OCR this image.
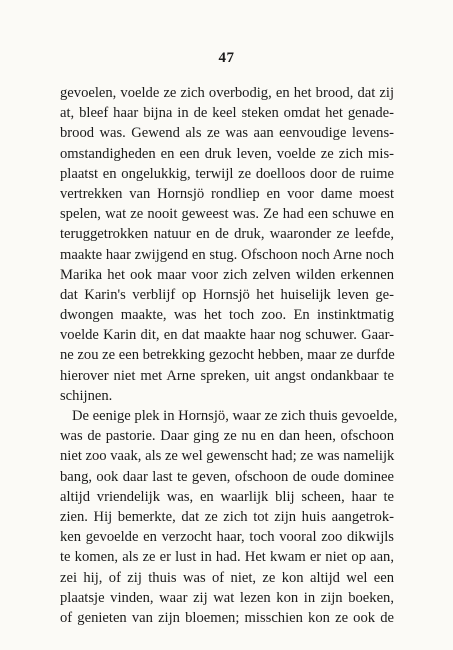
47
gevoelen, voelde ze zich overbodig, en het brood, dat zij
at, bleef haar bijna in de keel steken omdat het genade-
brood was. Gewend als ze was aan eenvoudige levens-
omstandigheden en een druk leven, voelde ze zich mis-
plaatst en ongelukkig, terwijl ze doelloos door de ruime
vertrekken van Hornsjö rondliep en voor dame moest
spelen, wat ze nooit geweest was. Ze had een schuwe en
teruggetrokken natuur en de druk, waaronder ze leefde,
maakte haar zwijgend en stug. Ofschoon noch Arne noch
Marika het ook maar voor zich zelven wilden erkennen
dat Karin's verblijf op Hornsjö het huiselijk leven ge-
dwongen maakte, was het toch zoo. En instinktmatig
voelde Karin dit, en dat maakte haar nog schuwer. Gaar-
ne zou ze een betrekking gezocht hebben, maar ze durfde
hierover niet met Arne spreken, uit angst ondankbaar te
schijnen.
De eenige plek in Hornsjö, waar ze zich thuis gevoelde,
was de pastorie. Daar ging ze nu en dan heen, ofschoon
niet zoo vaak, als ze wel gewenscht had; ze was namelijk
bang, ook daar last te geven, ofschoon de oude dominee
altijd vriendelijk was, en waarlijk blij scheen, haar te
zien. Hij bemerkte, dat ze zich tot zijn huis aangetrok-
ken gevoelde en verzocht haar, toch vooral zoo dikwijls
te komen, als ze er lust in had. Het kwam er niet op aan,
zei hij, of zij thuis was of niet, ze kon altijd wel een
plaatsje vinden, waar zij wat lezen kon in zijn boeken,
of genieten van zijn bloemen; misschien kon ze ook de
